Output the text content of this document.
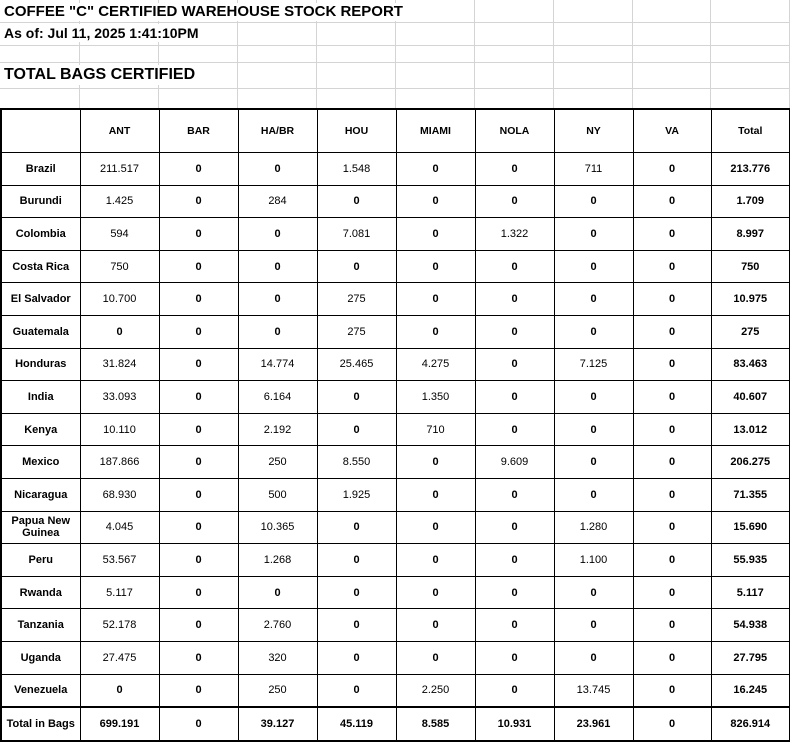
COFFEE "C" CERTIFIED WAREHOUSE STOCK REPORT
As of: Jul 11, 2025 1:41:10PM
TOTAL BAGS CERTIFIED
	ANT	BAR	HA/BR	HOU	MIAMI	NOLA	NY	VA	Total
Brazil	211.517	0	0	1.548	0	0	711	0	213.776
Burundi	1.425	0	284	0	0	0	0	0	1.709
Colombia	594	0	0	7.081	0	1.322	0	0	8.997
Costa Rica	750	0	0	0	0	0	0	0	750
El Salvador	10.700	0	0	275	0	0	0	0	10.975
Guatemala	0	0	0	275	0	0	0	0	275
Honduras	31.824	0	14.774	25.465	4.275	0	7.125	0	83.463
India	33.093	0	6.164	0	1.350	0	0	0	40.607
Kenya	10.110	0	2.192	0	710	0	0	0	13.012
Mexico	187.866	0	250	8.550	0	9.609	0	0	206.275
Nicaragua	68.930	0	500	1.925	0	0	0	0	71.355
Papua New Guinea	4.045	0	10.365	0	0	0	1.280	0	15.690
Peru	53.567	0	1.268	0	0	0	1.100	0	55.935
Rwanda	5.117	0	0	0	0	0	0	0	5.117
Tanzania	52.178	0	2.760	0	0	0	0	0	54.938
Uganda	27.475	0	320	0	0	0	0	0	27.795
Venezuela	0	0	250	0	2.250	0	13.745	0	16.245
Total in Bags	699.191	0	39.127	45.119	8.585	10.931	23.961	0	826.914
